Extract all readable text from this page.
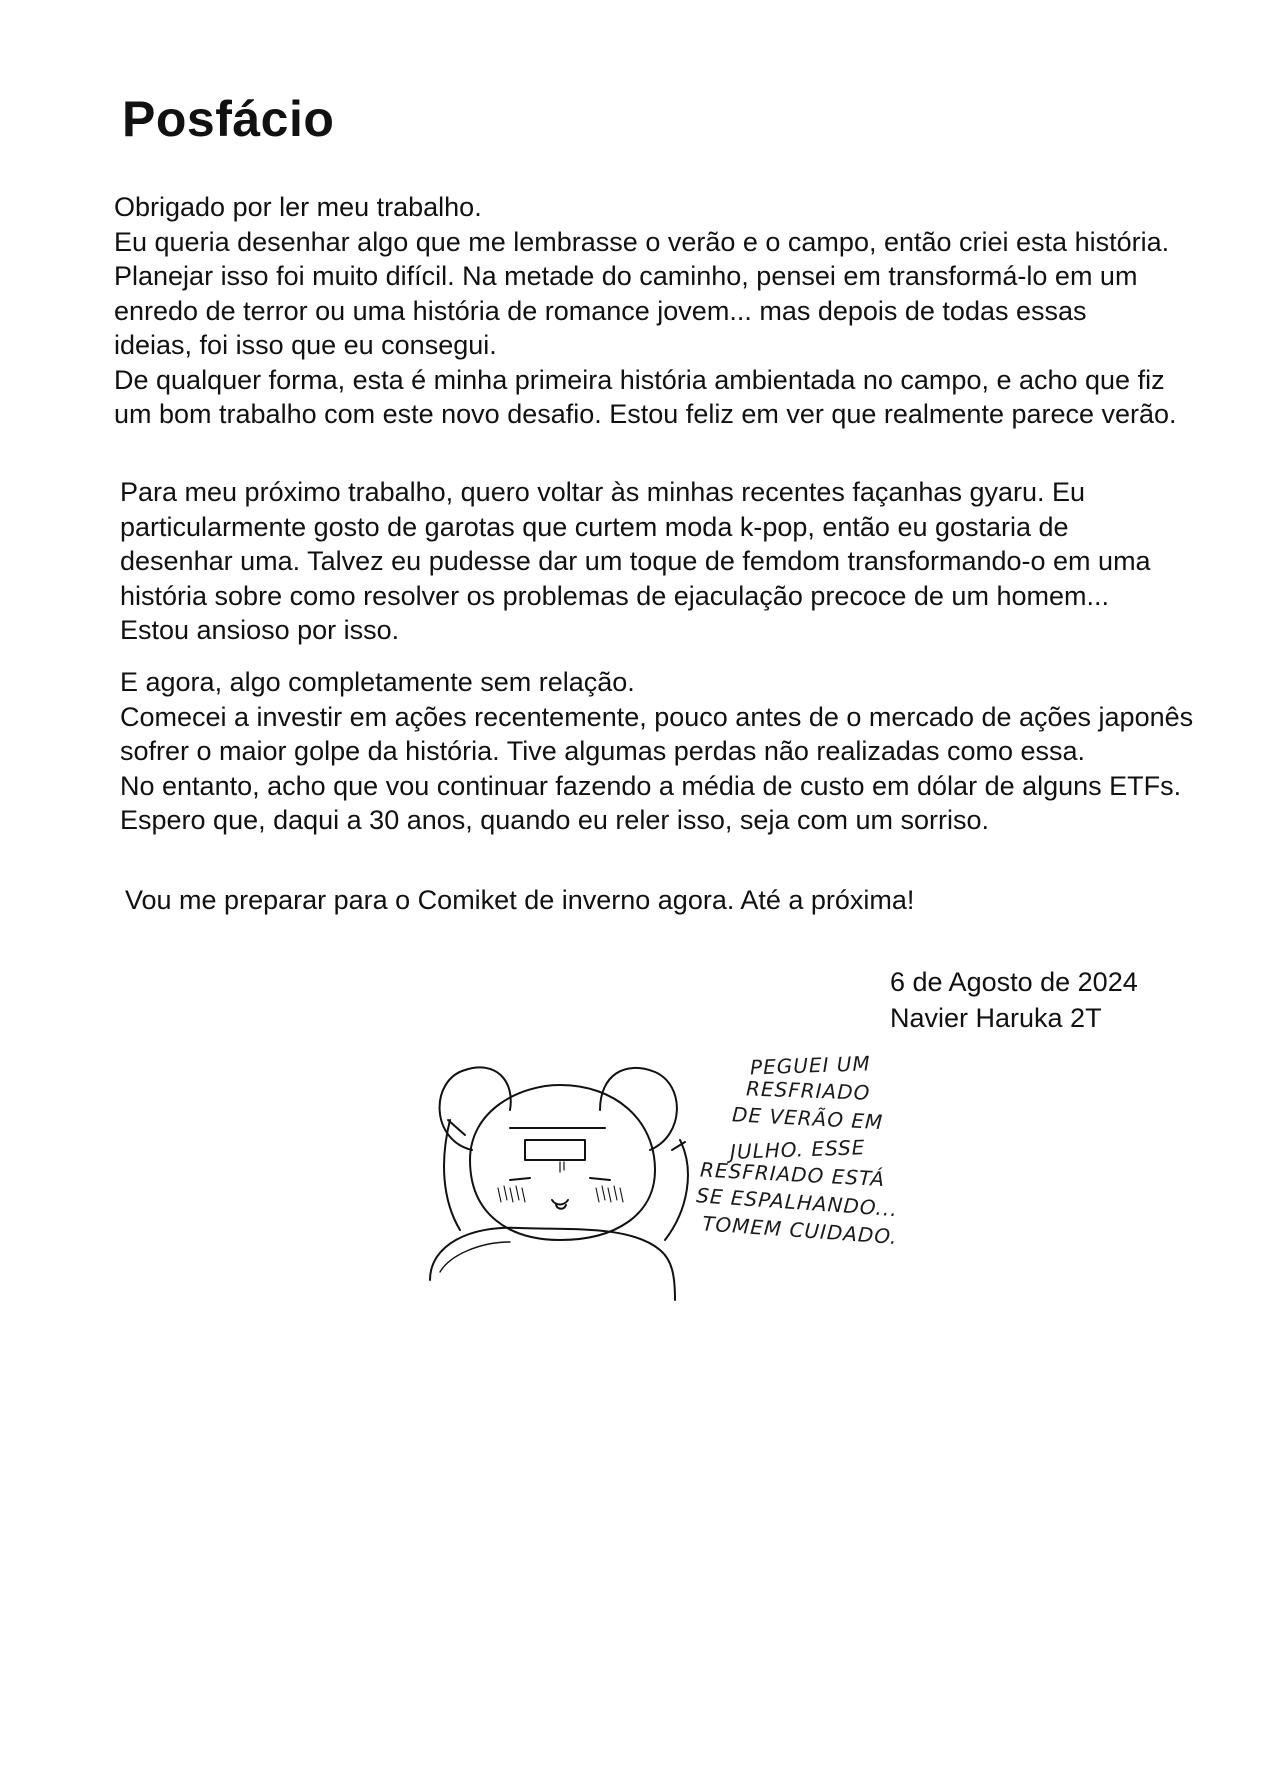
Posfácio
Obrigado por ler meu trabalho.
Eu queria desenhar algo que me lembrasse o verão e o campo, então criei esta história.
Planejar isso foi muito difícil. Na metade do caminho, pensei em transformá-lo em um
enredo de terror ou uma história de romance jovem... mas depois de todas essas
ideias, foi isso que eu consegui.
De qualquer forma, esta é minha primeira história ambientada no campo, e acho que fiz
um bom trabalho com este novo desafio. Estou feliz em ver que realmente parece verão.
Para meu próximo trabalho, quero voltar às minhas recentes façanhas gyaru. Eu
particularmente gosto de garotas que curtem moda k-pop, então eu gostaria de
desenhar uma. Talvez eu pudesse dar um toque de femdom transformando-o em uma
história sobre como resolver os problemas de ejaculação precoce de um homem...
Estou ansioso por isso.
E agora, algo completamente sem relação.
Comecei a investir em ações recentemente, pouco antes de o mercado de ações japonês
sofrer o maior golpe da história. Tive algumas perdas não realizadas como essa.
No entanto, acho que vou continuar fazendo a média de custo em dólar de alguns ETFs.
Espero que, daqui a 30 anos, quando eu reler isso, seja com um sorriso.
Vou me preparar para o Comiket de inverno agora. Até a próxima!
6 de Agosto de 2024
Navier Haruka 2T
PEGUEI UM
RESFRIADO
DE VERÃO EM
JULHO. ESSE
RESFRIADO ESTÁ
SE ESPALHANDO...
TOMEM CUIDADO.
